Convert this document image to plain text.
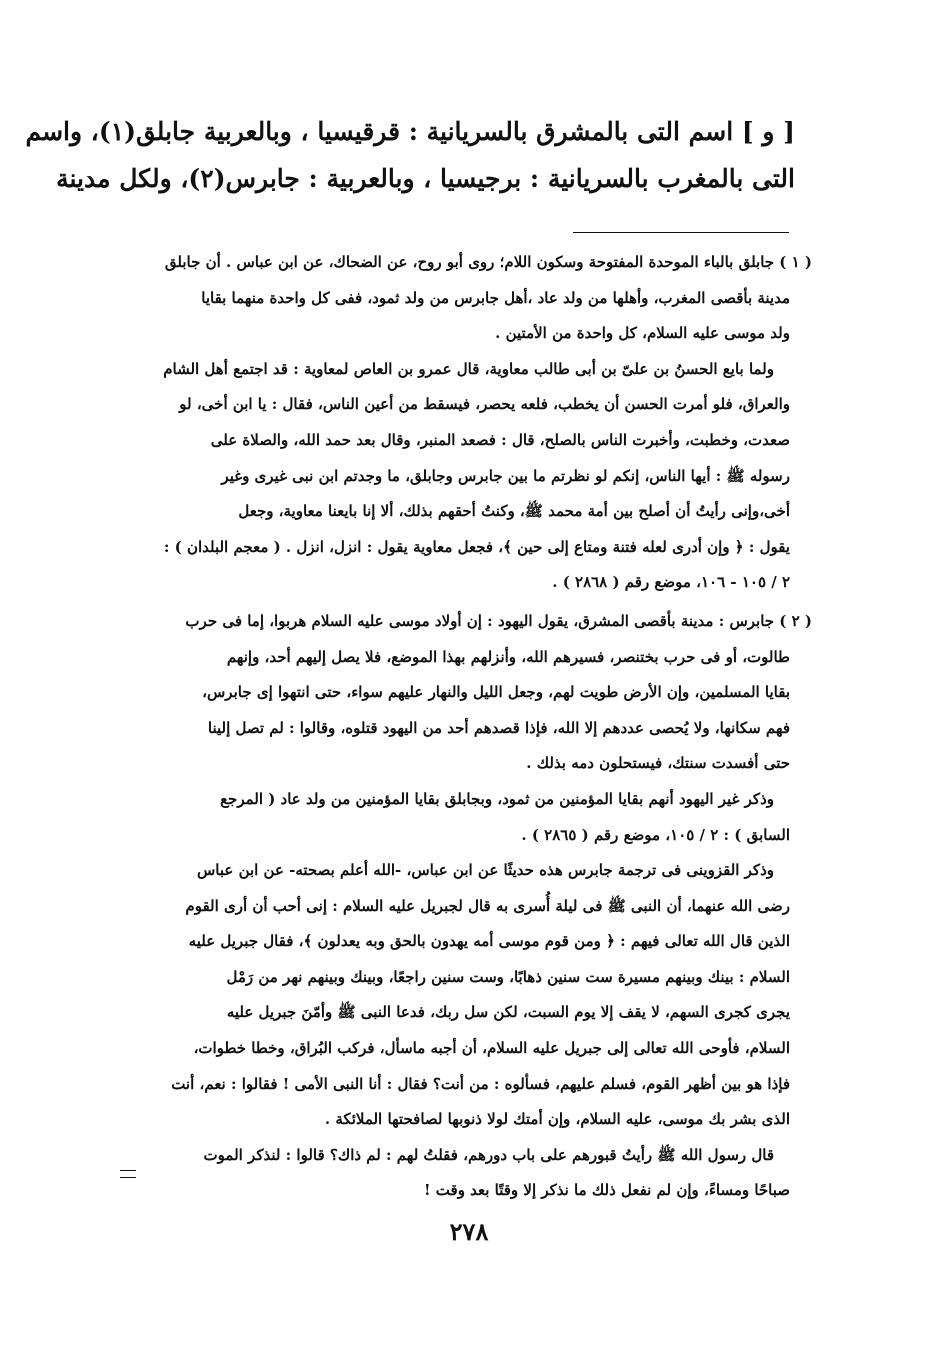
[ و ] اسم التى بالمشرق بالسريانية : قرقيسيا ، وبالعربية جابلق(١)، واسم
التى بالمغرب بالسريانية : برجيسيا ، وبالعربية : جابرس(٢)، ولكل مدينة
( ١ ) جابلق بالباء الموحدة المفتوحة وسكون اللام؛ روى أبو روح، عن الضحاك، عن ابن عباس . أن جابلق
مدينة بأقصى المغرب، وأهلها من ولد عاد ،أهل جابرس من ولد ثمود، ففى كل واحدة منهما بقايا
ولد موسى عليه السلام، كل واحدة من الأمتين .
ولما بايع الحسنُ بن علىّ بن أبى طالب معاوية، قال عمرو بن العاص لمعاوية : قد اجتمع أهل الشام
والعراق، فلو أمرت الحسن أن يخطب، فلعه يحصر، فيسقط من أعين الناس، فقال : يا ابن أخى، لو
صعدت، وخطبت، وأخبرت الناس بالصلح، قال : فصعد المنبر، وقال بعد حمد الله، والصلاة على
رسوله ﷺ : أيها الناس، إنكم لو نظرتم ما بين جابرس وجابلق، ما وجدتم ابن نبى غيرى وغير
أخى،وإنى رأيتُ أن أصلح بين أمة محمد ﷺ، وكنتُ أحقهم بذلك، ألا إنا بايعنا معاوية، وجعل
يقول : ﴿ وإن أدرى لعله فتنة ومتاع إلى حين ﴾، فجعل معاوية يقول : انزل، انزل . ( معجم البلدان ) :
٢ / ١٠٥ - ١٠٦، موضع رقم ( ٢٨٦٨ ) .
( ٢ ) جابرس : مدينة بأقصى المشرق، يقول اليهود : إن أولاد موسى عليه السلام هربوا، إما فى حرب
طالوت، أو فى حرب بختنصر، فسيرهم الله، وأنزلهم بهذا الموضع، فلا يصل إليهم أحد، وإنهم
بقايا المسلمين، وإن الأرض طويت لهم، وجعل الليل والنهار عليهم سواء، حتى انتهوا إى جابرس،
فهم سكانها، ولا يُحصى عددهم إلا الله، فإذا قصدهم أحد من اليهود قتلوه، وقالوا : لم تصل إلينا
حتى أفسدت سنتك، فيستحلون دمه بذلك .
وذكر غير اليهود أنهم بقايا المؤمنين من ثمود، وبجابلق بقايا المؤمنين من ولد عاد ( المرجع
السابق ) : ٢ / ١٠٥، موضع رقم ( ٢٨٦٥ ) .
وذكر القزوينى فى ترجمة جابرس هذه حديثًا عن ابن عباس، -الله أعلم بصحته- عن ابن عباس
رضى الله عنهما، أن النبى ﷺ فى ليلة أُسرى به قال لجبريل عليه السلام : إنى أحب أن أرى القوم
الذين قال الله تعالى فيهم : ﴿ ومن قوم موسى أمه يهدون بالحق وبه يعدلون ﴾، فقال جبريل عليه
السلام : بينك وبينهم مسيرة ست سنين ذهابًا، وست سنين راجعًا، وبينك وبينهم نهر من رَمْل
يجرى كجرى السهم، لا يقف إلا يوم السبت، لكن سل ربك، فدعا النبى ﷺ وأمّنَ جبريل عليه
السلام، فأوحى الله تعالى إلى جبريل عليه السلام، أن أجبه ماسأل، فركب البُراق، وخطا خطوات،
فإذا هو بين أظهر القوم، فسلم عليهم، فسألوه : من أنت؟ فقال : أنا النبى الأمى ! فقالوا : نعم، أنت
الذى بشر بك موسى، عليه السلام، وإن أمتك لولا ذنوبها لصافحتها الملائكة .
قال رسول الله ﷺ رأيتُ قبورهم على باب دورهم، فقلتُ لهم : لم ذاك؟ قالوا : لنذكر الموت
صباحًا ومساءً، وإن لم نفعل ذلك ما نذكر إلا وقتًا بعد وقت !
٢٧٨
